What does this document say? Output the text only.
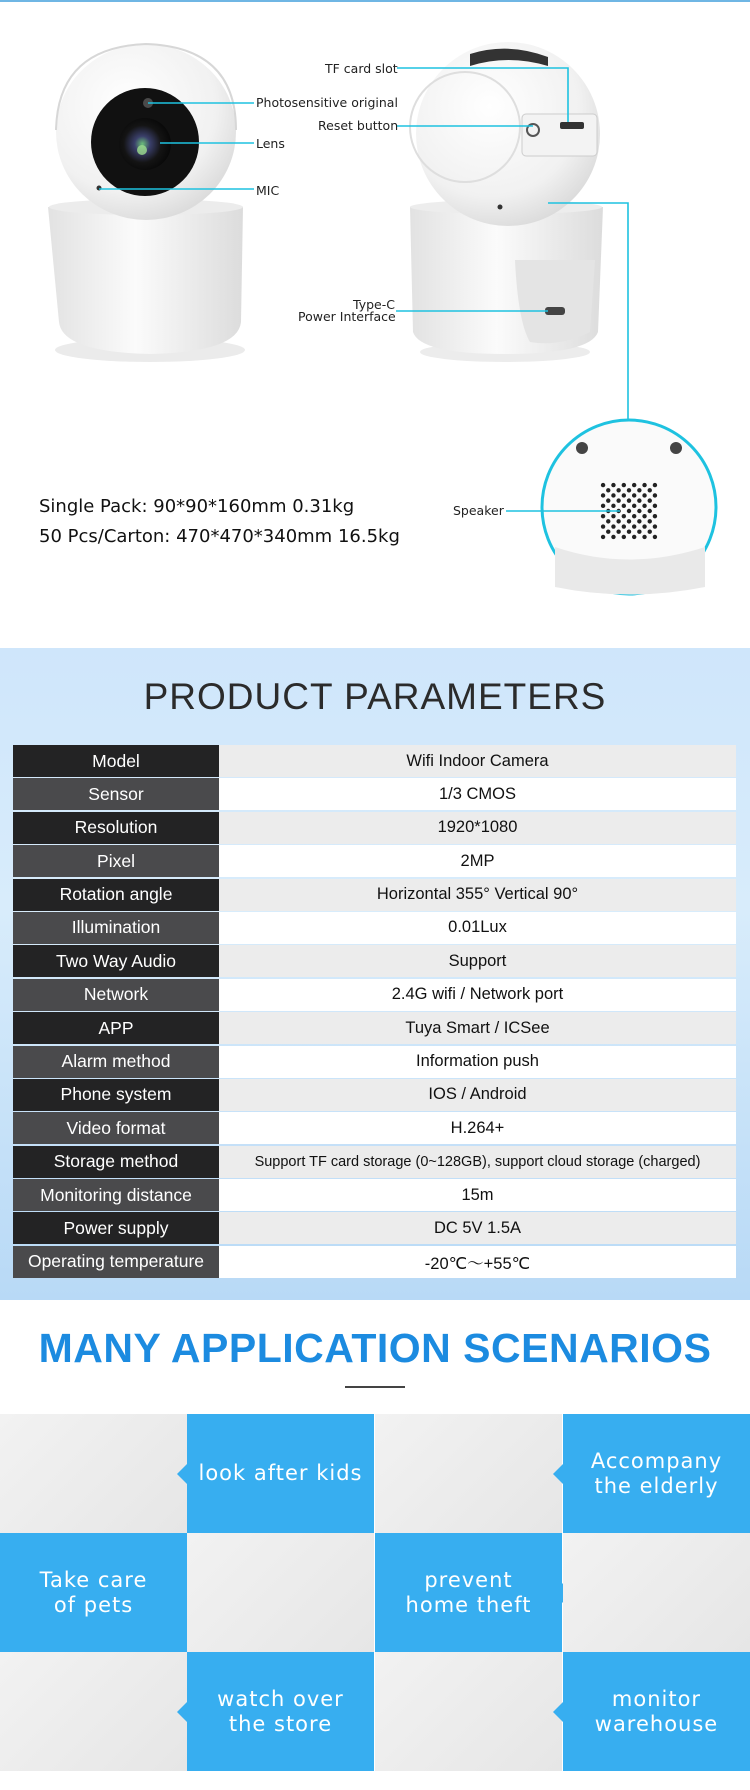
TF card slot
Photosensitive original
Reset button
Lens
MIC
Type-C
Power Interface
Speaker
Single Pack: 90*90*160mm 0.31kg
50 Pcs/Carton: 470*470*340mm 16.5kg
PRODUCT PARAMETERS
Model	Wifi Indoor Camera
Sensor	1/3 CMOS
Resolution	1920*1080
Pixel	2MP
Rotation angle	Horizontal 355° Vertical 90°
Illumination	0.01Lux
Two Way Audio	Support
Network	2.4G wifi / Network port
APP	Tuya Smart / ICSee
Alarm method	Information push
Phone system	IOS / Android
Video format	H.264+
Storage method	Support TF card storage (0~128GB), support cloud storage (charged)
Monitoring distance	15m
Power supply	DC 5V 1.5A
Operating temperature	-20℃～+55℃
MANY APPLICATION SCENARIOS
look after kids
Accompany
the elderly
Take care
of pets
prevent
home theft
watch over
the store
monitor
warehouse
